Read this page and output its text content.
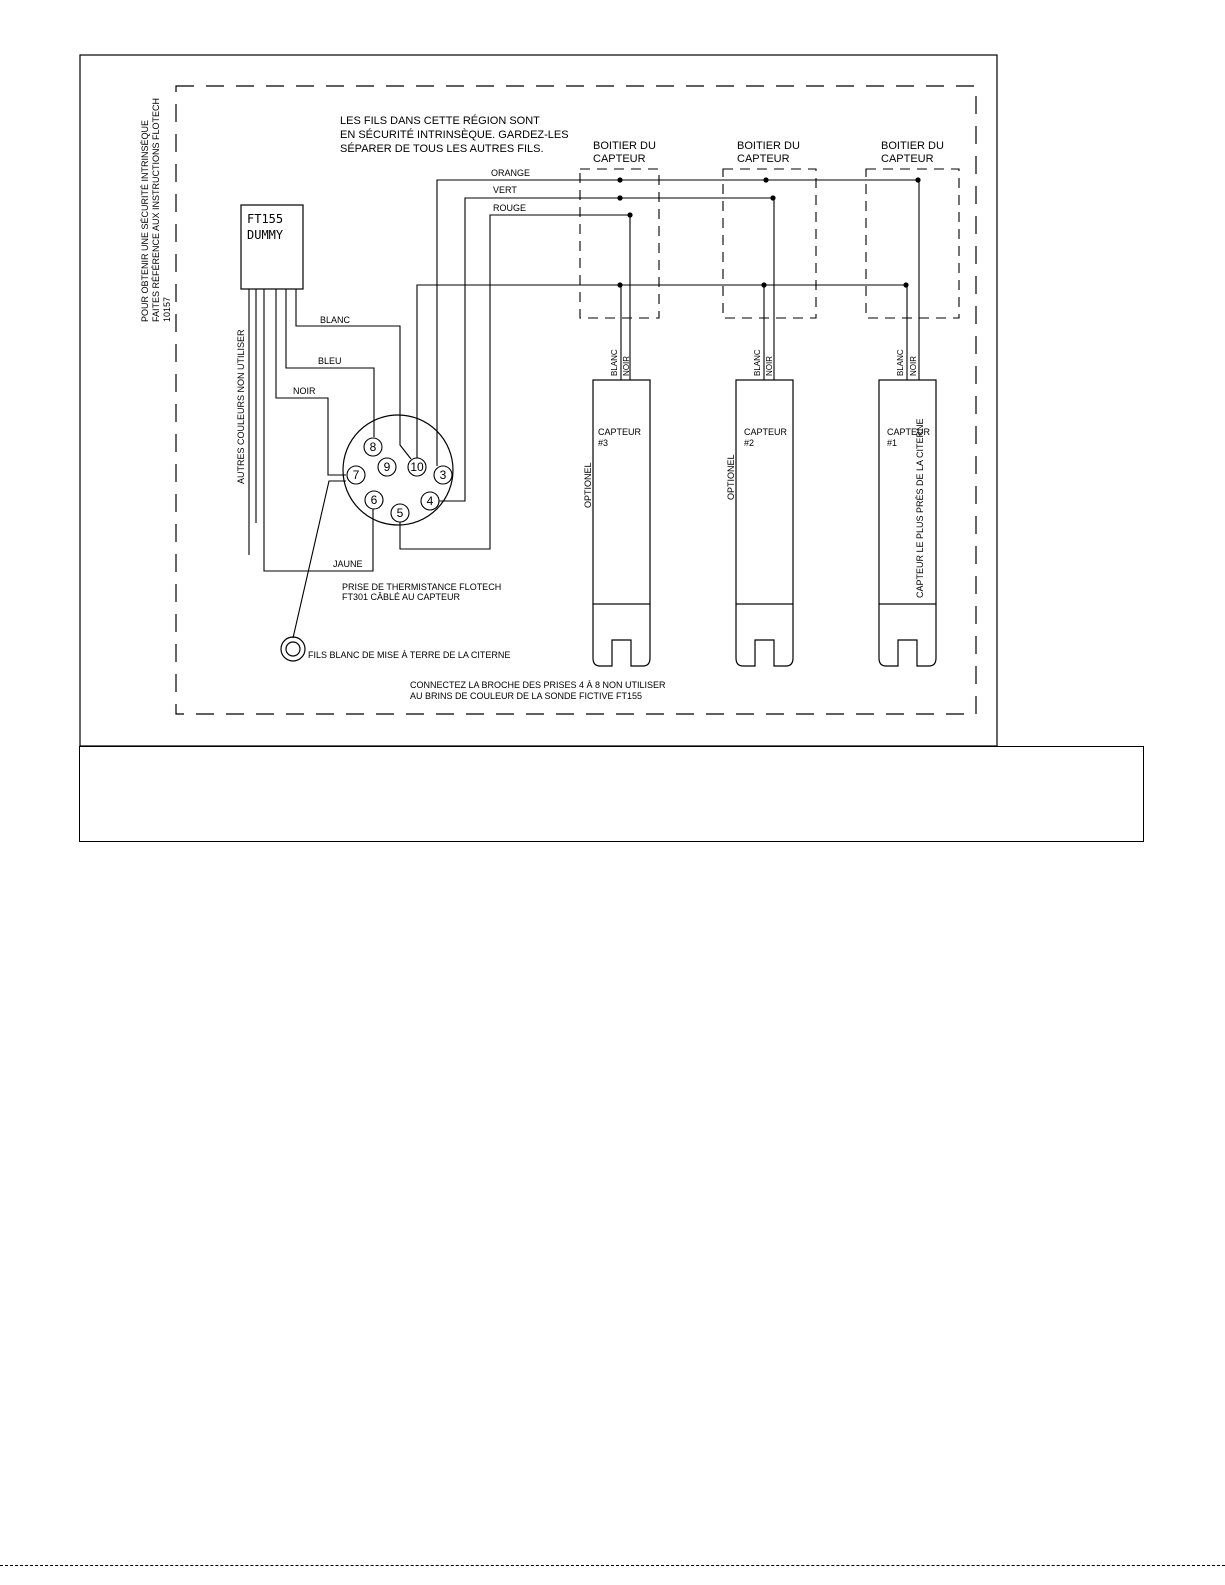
POUR OBTENIR UNE SÉCURITÉ INTRINSÈQUE FAITES RÉFÉRENCE AUX INSTRUCTIONS FLOTECH 10157
AUTRES COULEURS NON UTILISER
LES FILS DANS CETTE RÉGION SONT
EN SÉCURITÉ INTRINSÈQUE. GARDEZ-LES
SÉPARER DE TOUS LES AUTRES FILS.
FT155
DUMMY
BLANC
BLEU
NOIR
JAUNE
8
7
9 10
3
6	4
5
ORANGE
VERT
ROUGE
PRISE DE THERMISTANCE FLOTECH
FT301 CÂBLÉ AU CAPTEUR
FILS BLANC DE MISE À TERRE DE LA CITERNE
CONNECTEZ LA BROCHE DES PRISES 4 À 8 NON UTILISER
AU BRINS DE COULEUR DE LA SONDE FICTIVE FT155
BOITIER DU
CAPTEUR
BOITIER DU
CAPTEUR
BOITIER DU
CAPTEUR
BLANC NOIR	BLANC NOIR	BLANC NOIR
CAPTEUR
#3
CAPTEUR
#2
CAPTEUR
#1
OPTIONEL	OPTIONEL	CAPTEUR LE PLUS PRÈS DE LA CITERNE
